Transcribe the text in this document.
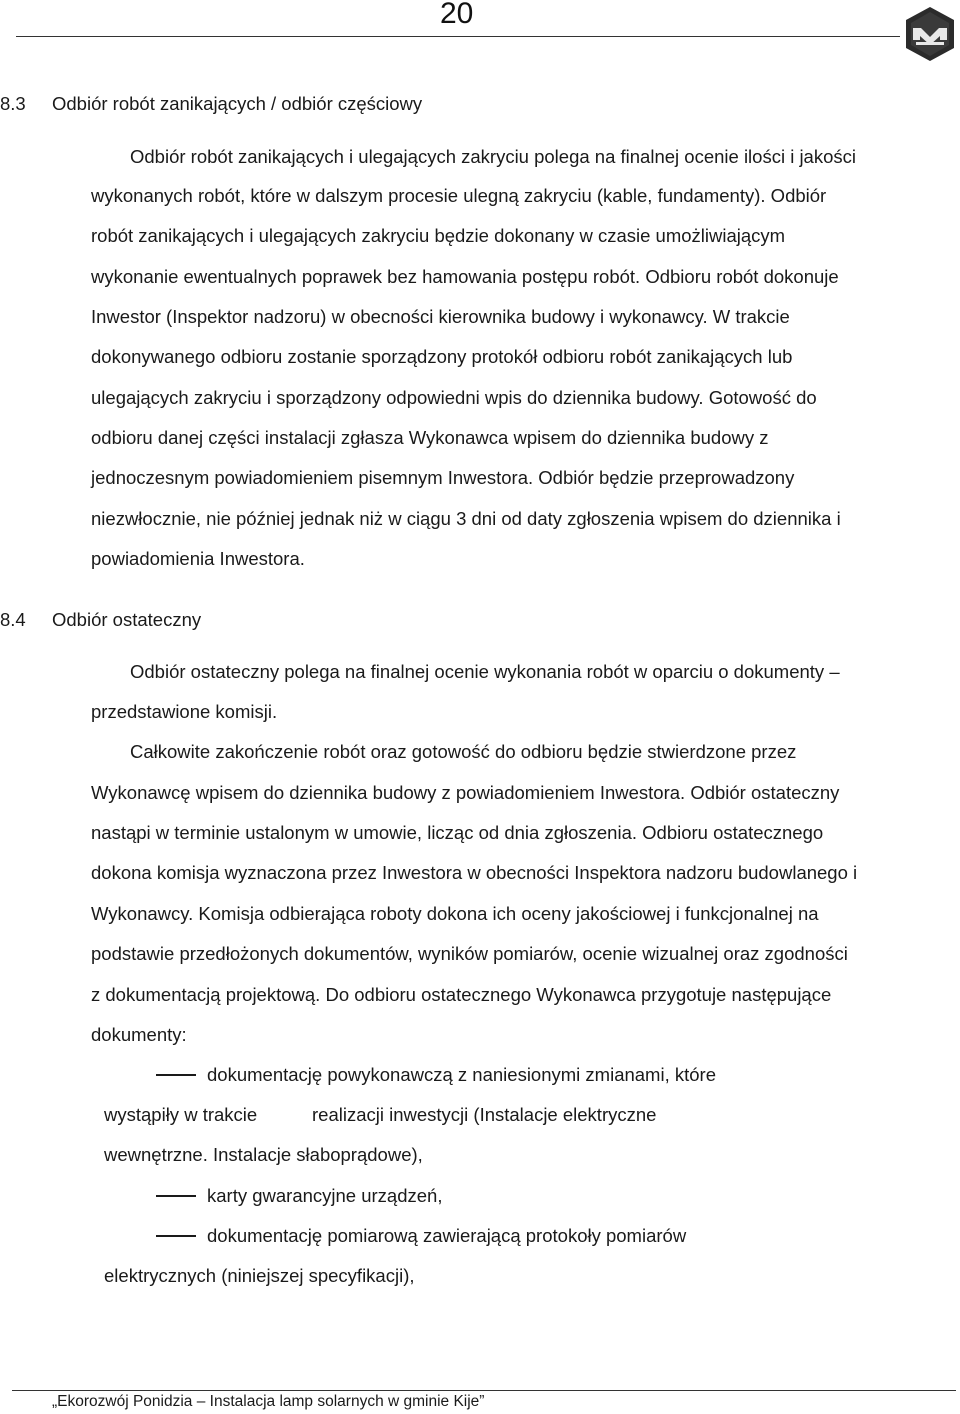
20
8.3 Odbiór robót zanikających / odbiór częściowy
Odbiór robót zanikających i ulegających zakryciu polega na finalnej ocenie ilości i jakości
wykonanych robót, które w dalszym procesie ulegną zakryciu (kable, fundamenty). Odbiór
robót zanikających i ulegających zakryciu będzie dokonany w czasie umożliwiającym
wykonanie ewentualnych poprawek bez hamowania postępu robót. Odbioru robót dokonuje
Inwestor (Inspektor nadzoru) w obecności kierownika budowy i wykonawcy. W trakcie
dokonywanego odbioru zostanie sporządzony protokół odbioru robót zanikających lub
ulegających zakryciu i sporządzony odpowiedni wpis do dziennika budowy. Gotowość do
odbioru danej części instalacji zgłasza Wykonawca wpisem do dziennika budowy z
jednoczesnym powiadomieniem pisemnym Inwestora. Odbiór będzie przeprowadzony
niezwłocznie, nie później jednak niż w ciągu 3 dni od daty zgłoszenia wpisem do dziennika i
powiadomienia Inwestora.
8.4 Odbiór ostateczny
Odbiór ostateczny polega na finalnej ocenie wykonania robót w oparciu o dokumenty –
przedstawione komisji.
Całkowite zakończenie robót oraz gotowość do odbioru będzie stwierdzone przez
Wykonawcę wpisem do dziennika budowy z powiadomieniem Inwestora. Odbiór ostateczny
nastąpi w terminie ustalonym w umowie, licząc od dnia zgłoszenia. Odbioru ostatecznego
dokona komisja wyznaczona przez Inwestora w obecności Inspektora nadzoru budowlanego i
Wykonawcy. Komisja odbierająca roboty dokona ich oceny jakościowej i funkcjonalnej na
podstawie przedłożonych dokumentów, wyników pomiarów, ocenie wizualnej oraz zgodności
z dokumentacją projektową. Do odbioru ostatecznego Wykonawca przygotuje następujące
dokumenty:
dokumentację powykonawczą z naniesionymi zmianami, które
wystąpiły w trakcie	realizacji inwestycji (Instalacje elektryczne
wewnętrzne. Instalacje słaboprądowe),
karty gwarancyjne urządzeń,
dokumentację pomiarową zawierającą protokoły pomiarów
elektrycznych (niniejszej specyfikacji),
„Ekorozwój Ponidzia – Instalacja lamp solarnych w gminie Kije”
